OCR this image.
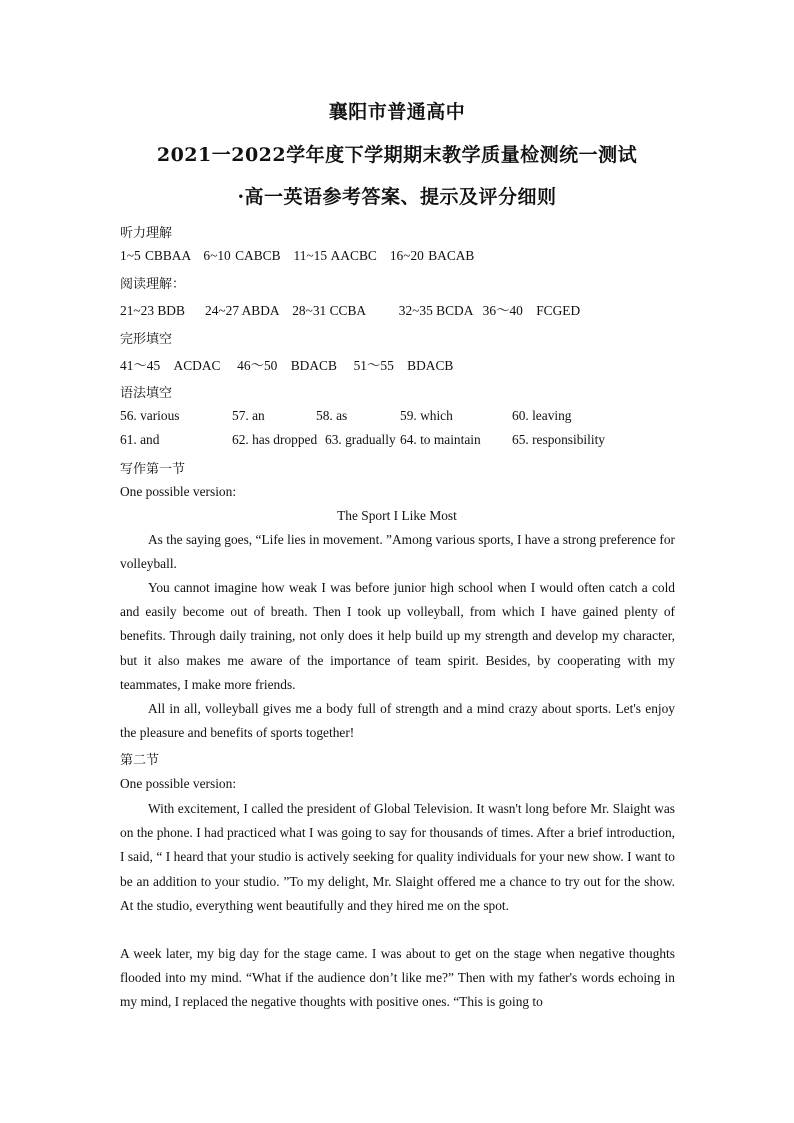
襄阳市普通高中
2021一2022学年度下学期期末教学质量检测统一测试
·高一英语参考答案、提示及评分细则
听力理解
1~5 CBBAA   6~10 CABCB   11~15 AACBC   16~20 BACAB
阅读理解：
21~23 BDB      24~27 ABDA    28~31 CCBA          32~35 BCDA   36〜40    FCGED
完形填空
41〜45    ACDAC     46〜50    BDACB     51〜55    BDACB
语法填空
56. various	57. an	58. as	59. which	60. leaving
61. and	62. has dropped 63. gradually 64. to maintain 65. responsibility
写作第一节
One possible version:
The Sport I Like Most

As the saying goes, “Life lies in movement. ”Among various sports, I have a strong preference for volleyball.

You cannot imagine how weak I was before junior high school when I would often catch a cold and easily become out of breath. Then I took up volleyball, from which I have gained plenty of benefits. Through daily training, not only does it help build up my strength and develop my character, but it also makes me aware of the importance of team spirit. Besides, by cooperating with my teammates, I make more friends.

All in all, volleyball gives me a body full of strength and a mind crazy about sports. Let's enjoy the pleasure and benefits of sports together!

第二节
One possible version:

With excitement, I called the president of Global Television. It wasn't long before Mr. Slaight was on the phone. I had practiced what I was going to say for thousands of times. After a brief introduction, I said, “ I heard that your studio is actively seeking for quality individuals for your new show. I want to be an addition to your studio. ”To my delight, Mr. Slaight offered me a chance to try out for the show. At the studio, everything went beautifully and they hired me on the spot.

A week later, my big day for the stage came. I was about to get on the stage when negative thoughts flooded into my mind. “What if the audience don’t like me?” Then with my father's words echoing in my mind, I replaced the negative thoughts with positive ones. “This is going to
